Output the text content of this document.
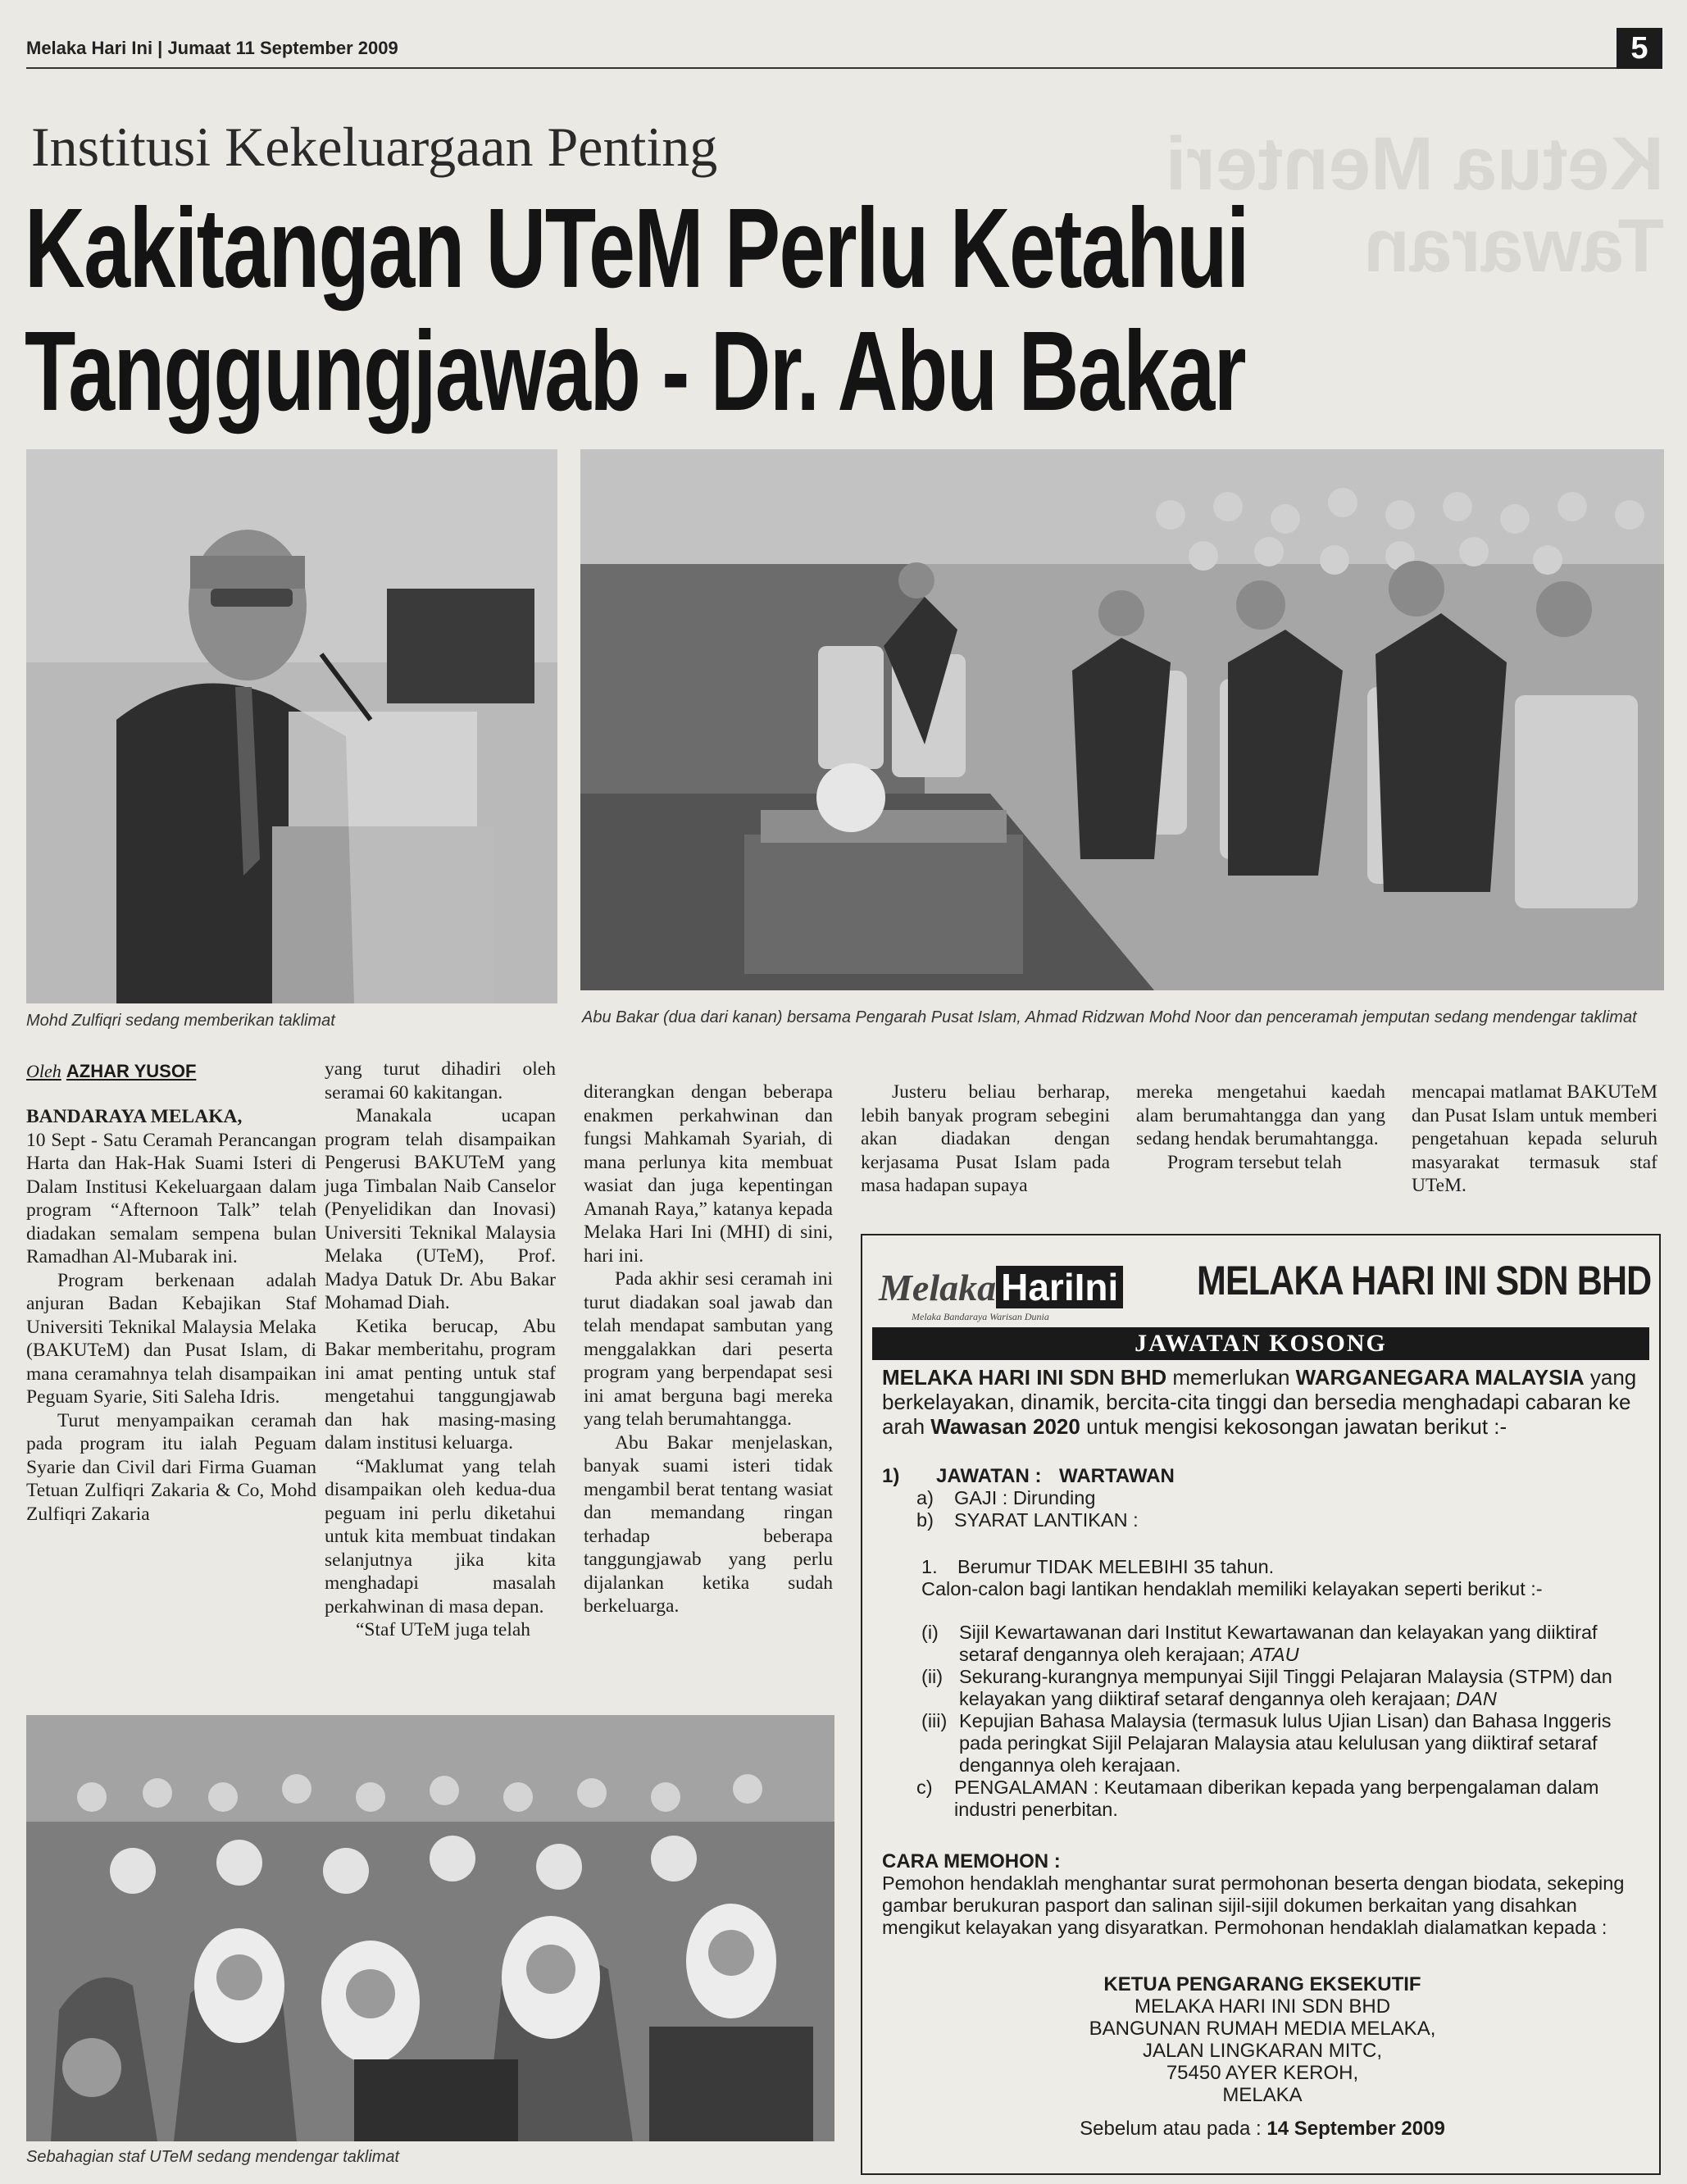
Melaka Hari Ini | Jumaat 11 September 2009	5
Ketua Menteri
Tawaran
Institusi Kekeluargaan Penting
Kakitangan UTeM Perlu Ketahui
Tanggungjawab - Dr. Abu Bakar
Mohd Zulfiqri sedang memberikan taklimat	Abu Bakar (dua dari kanan) bersama Pengarah Pusat Islam, Ahmad Ridzwan Mohd Noor dan penceramah jemputan sedang mendengar taklimat
Oleh AZHAR YUSOF

BANDARAYA MELAKA,

10 Sept - Satu Ceramah Perancangan Harta dan Hak-Hak Suami Isteri di Dalam Institusi Kekeluargaan dalam program “Afternoon Talk” telah diadakan semalam sempena bulan Ramadhan Al-Mubarak ini.

Program berkenaan adalah anjuran Badan Kebajikan Staf Universiti Teknikal Malaysia Melaka (BAKUTeM) dan Pusat Islam, di mana ceramahnya telah disampaikan Peguam Syarie, Siti Saleha Idris.

Turut menyampaikan ceramah pada program itu ialah Peguam Syarie dan Civil dari Firma Guaman Tetuan Zulfiqri Zakaria & Co, Mohd Zulfiqri Zakaria

yang turut dihadiri oleh seramai 60 kakitangan.

Manakala ucapan program telah disampaikan Pengerusi BAKUTeM yang juga Timbalan Naib Canselor (Penyelidikan dan Inovasi) Universiti Teknikal Malaysia Melaka (UTeM), Prof. Madya Datuk Dr. Abu Bakar Mohamad Diah.

Ketika berucap, Abu Bakar memberitahu, program ini amat penting untuk staf mengetahui tanggungjawab dan hak masing-masing dalam institusi keluarga.

“Maklumat yang telah disampaikan oleh kedua-dua peguam ini perlu diketahui untuk kita membuat tindakan selanjutnya jika kita menghadapi masalah perkahwinan di masa depan.

“Staf UTeM juga telah

diterangkan dengan beberapa enakmen perkahwinan dan fungsi Mahkamah Syariah, di mana perlunya kita membuat wasiat dan juga kepentingan Amanah Raya,” katanya kepada Melaka Hari Ini (MHI) di sini, hari ini.

Pada akhir sesi ceramah ini turut diadakan soal jawab dan telah mendapat sambutan yang menggalakkan dari peserta program yang berpendapat sesi ini amat berguna bagi mereka yang telah berumahtangga.

Abu Bakar menjelaskan, banyak suami isteri tidak mengambil berat tentang wasiat dan memandang ringan terhadap beberapa tanggungjawab yang perlu dijalankan ketika sudah berkeluarga.

Justeru beliau berharap, lebih banyak program sebegini akan diadakan dengan kerjasama Pusat Islam pada masa hadapan supaya

mereka mengetahui kaedah alam berumahtangga dan yang sedang hendak berumahtangga.

Program tersebut telah

mencapai matlamat BAKUTeM dan Pusat Islam untuk memberi pengetahuan kepada seluruh masyarakat termasuk staf UTeM.

Sebahagian staf UTeM sedang mendengar taklimat
Melaka HariIni
Melaka Bandaraya Warisan Dunia
MELAKA HARI INI SDN BHD
JAWATAN KOSONG
MELAKA HARI INI SDN BHD memerlukan WARGANEGARA MALAYSIA yang berkelayakan, dinamik, bercita-cita tinggi dan bersedia menghadapi cabaran ke arah Wawasan 2020 untuk mengisi kekosongan jawatan berikut :-
1)	JAWATAN : WARTAWAN
a)	GAJI : Dirunding
b)	SYARAT LANTIKAN :
1.	Berumur TIDAK MELEBIHI 35 tahun.
Calon-calon bagi lantikan hendaklah memiliki kelayakan seperti berikut :-
(i)	Sijil Kewartawanan dari Institut Kewartawanan dan kelayakan yang diiktiraf setaraf dengannya oleh kerajaan; ATAU
(ii) Sekurang-kurangnya mempunyai Sijil Tinggi Pelajaran Malaysia (STPM) dan kelayakan yang diiktiraf setaraf dengannya oleh kerajaan; DAN
(iii) Kepujian Bahasa Malaysia (termasuk lulus Ujian Lisan) dan Bahasa Inggeris pada peringkat Sijil Pelajaran Malaysia atau kelulusan yang diiktiraf setaraf dengannya oleh kerajaan.
c)	PENGALAMAN : Keutamaan diberikan kepada yang berpengalaman dalam industri penerbitan.
CARA MEMOHON :
Pemohon hendaklah menghantar surat permohonan beserta dengan biodata, sekeping gambar berukuran pasport dan salinan sijil-sijil dokumen berkaitan yang disahkan mengikut kelayakan yang disyaratkan. Permohonan hendaklah dialamatkan kepada :
KETUA PENGARANG EKSEKUTIF
MELAKA HARI INI SDN BHD
BANGUNAN RUMAH MEDIA MELAKA,
JALAN LINGKARAN MITC,
75450 AYER KEROH,
MELAKA
Sebelum atau pada : 14 September 2009
